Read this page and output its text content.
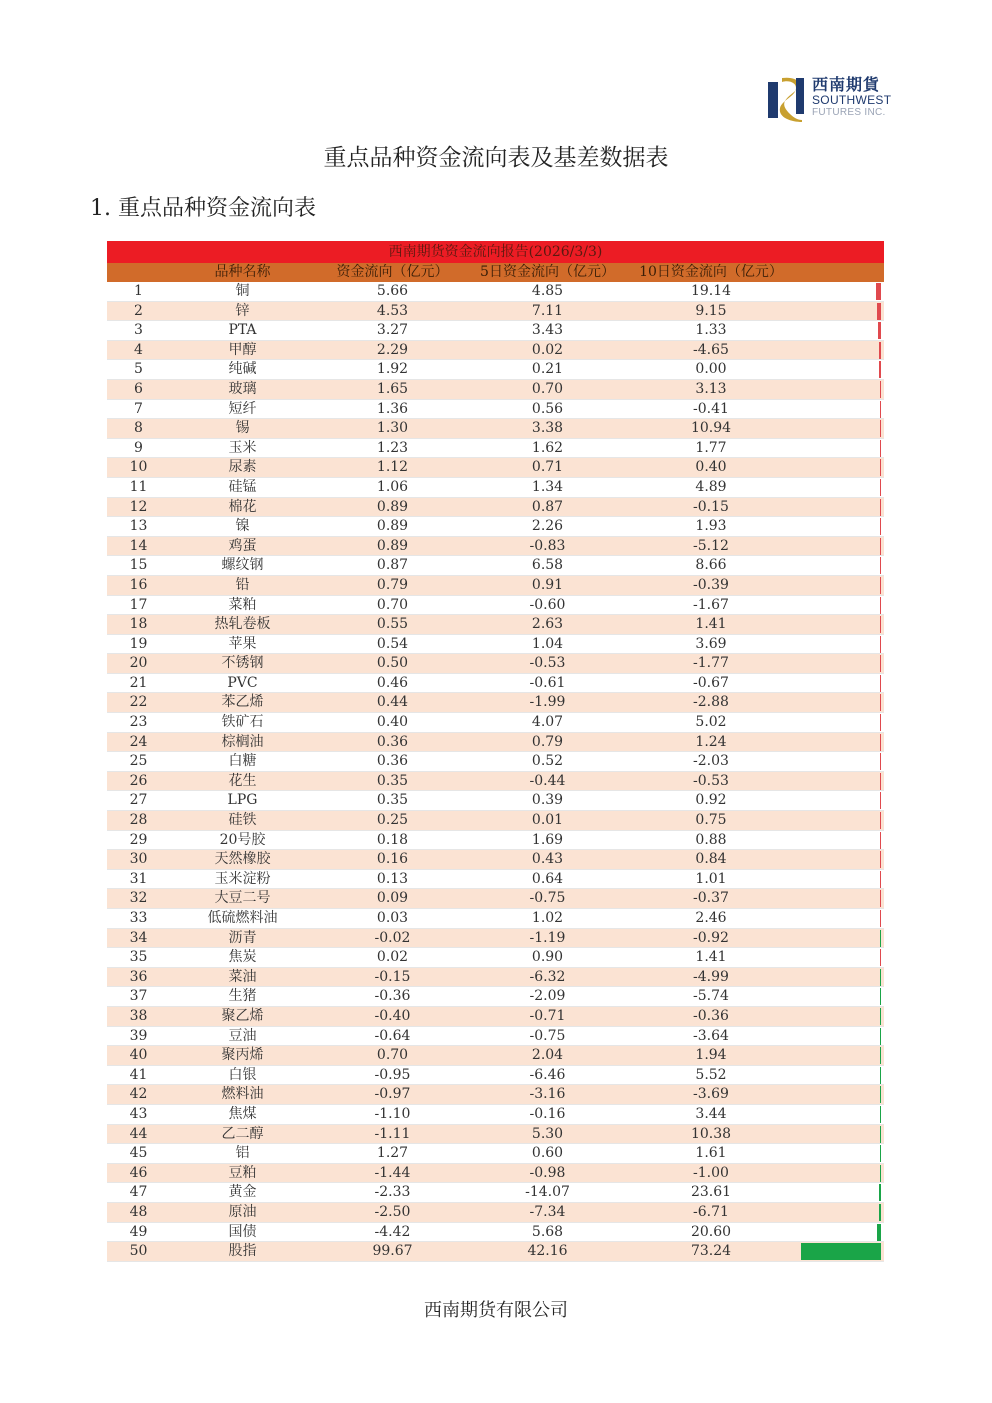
西南期貨
SOUTHWEST
FUTURES INC.
重点品种资金流向表及基差数据表
1. 重点品种资金流向表
西南期货资金流向报告(2026/3/3)
品种名称	资金流向（亿元）	5日资金流向（亿元）	10日资金流向（亿元）
1	铜	5.66	4.85	19.14
2	锌	4.53	7.11	9.15
3	PTA	3.27	3.43	1.33
4	甲醇	2.29	0.02	-4.65
5	纯碱	1.92	0.21	0.00
6	玻璃	1.65	0.70	3.13
7	短纤	1.36	0.56	-0.41
8	锡	1.30	3.38	10.94
9	玉米	1.23	1.62	1.77
10	尿素	1.12	0.71	0.40
11	硅锰	1.06	1.34	4.89
12	棉花	0.89	0.87	-0.15
13	镍	0.89	2.26	1.93
14	鸡蛋	0.89	-0.83	-5.12
15	螺纹钢	0.87	6.58	8.66
16	铅	0.79	0.91	-0.39
17	菜粕	0.70	-0.60	-1.67
18	热轧卷板	0.55	2.63	1.41
19	苹果	0.54	1.04	3.69
20	不锈钢	0.50	-0.53	-1.77
21	PVC	0.46	-0.61	-0.67
22	苯乙烯	0.44	-1.99	-2.88
23	铁矿石	0.40	4.07	5.02
24	棕榈油	0.36	0.79	1.24
25	白糖	0.36	0.52	-2.03
26	花生	0.35	-0.44	-0.53
27	LPG	0.35	0.39	0.92
28	硅铁	0.25	0.01	0.75
29	20号胶	0.18	1.69	0.88
30	天然橡胶	0.16	0.43	0.84
31	玉米淀粉	0.13	0.64	1.01
32	大豆二号	0.09	-0.75	-0.37
33	低硫燃料油	0.03	1.02	2.46
34	沥青	-0.02	-1.19	-0.92
35	焦炭	0.02	0.90	1.41
36	菜油	-0.15	-6.32	-4.99
37	生猪	-0.36	-2.09	-5.74
38	聚乙烯	-0.40	-0.71	-0.36
39	豆油	-0.64	-0.75	-3.64
40	聚丙烯	0.70	2.04	1.94
41	白银	-0.95	-6.46	5.52
42	燃料油	-0.97	-3.16	-3.69
43	焦煤	-1.10	-0.16	3.44
44	乙二醇	-1.11	5.30	10.38
45	铝	1.27	0.60	1.61
46	豆粕	-1.44	-0.98	-1.00
47	黄金	-2.33	-14.07	23.61
48	原油	-2.50	-7.34	-6.71
49	国债	-4.42	5.68	20.60
50	股指	99.67	42.16	73.24
西南期货有限公司
